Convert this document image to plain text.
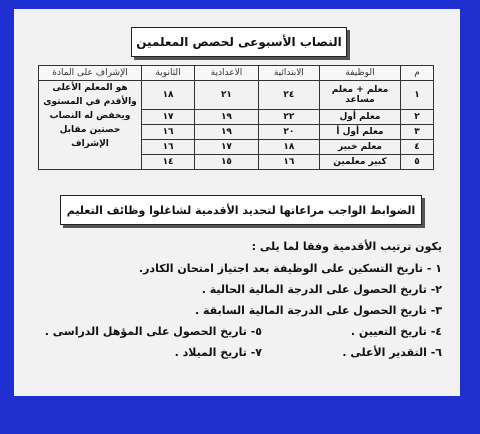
النصاب الأسبوعى لحصص المعلمين
م	الوظيفة	الابتدائية	الاعدادية	الثانوية	الإشراف على المادة
١	معلم + معلم مساعد	٢٤	٢١	١٨	هو المعلم الأعلى والأقدم في المستوى ويخفض له النصاب حصتين مقابل الإشراف
٢	معلم أول	٢٢	١٩	١٧	
٣	معلم أول أ	٢٠	١٩	١٦	
٤	معلم خبير	١٨	١٧	١٦	
٥	كبير معلمين	١٦	١٥	١٤	
الضوابط الواجب مراعاتها لتحديد الأقدمية لشاغلوا وظائف التعليم
يكون ترتيب الأقدمية وفقا لما يلى :
١ - تاريخ التسكين على الوظيفة بعد اجتياز امتحان الكادر.
٢- تاريخ الحصول على الدرجة المالية الحالية .
٣- تاريخ الحصول على الدرجة المالية السابقة .
٤- تاريخ التعيين .
٥- تاريخ الحصول على المؤهل الدراسى .
٦- التقدير الأعلى .
٧- تاريخ الميلاد .
